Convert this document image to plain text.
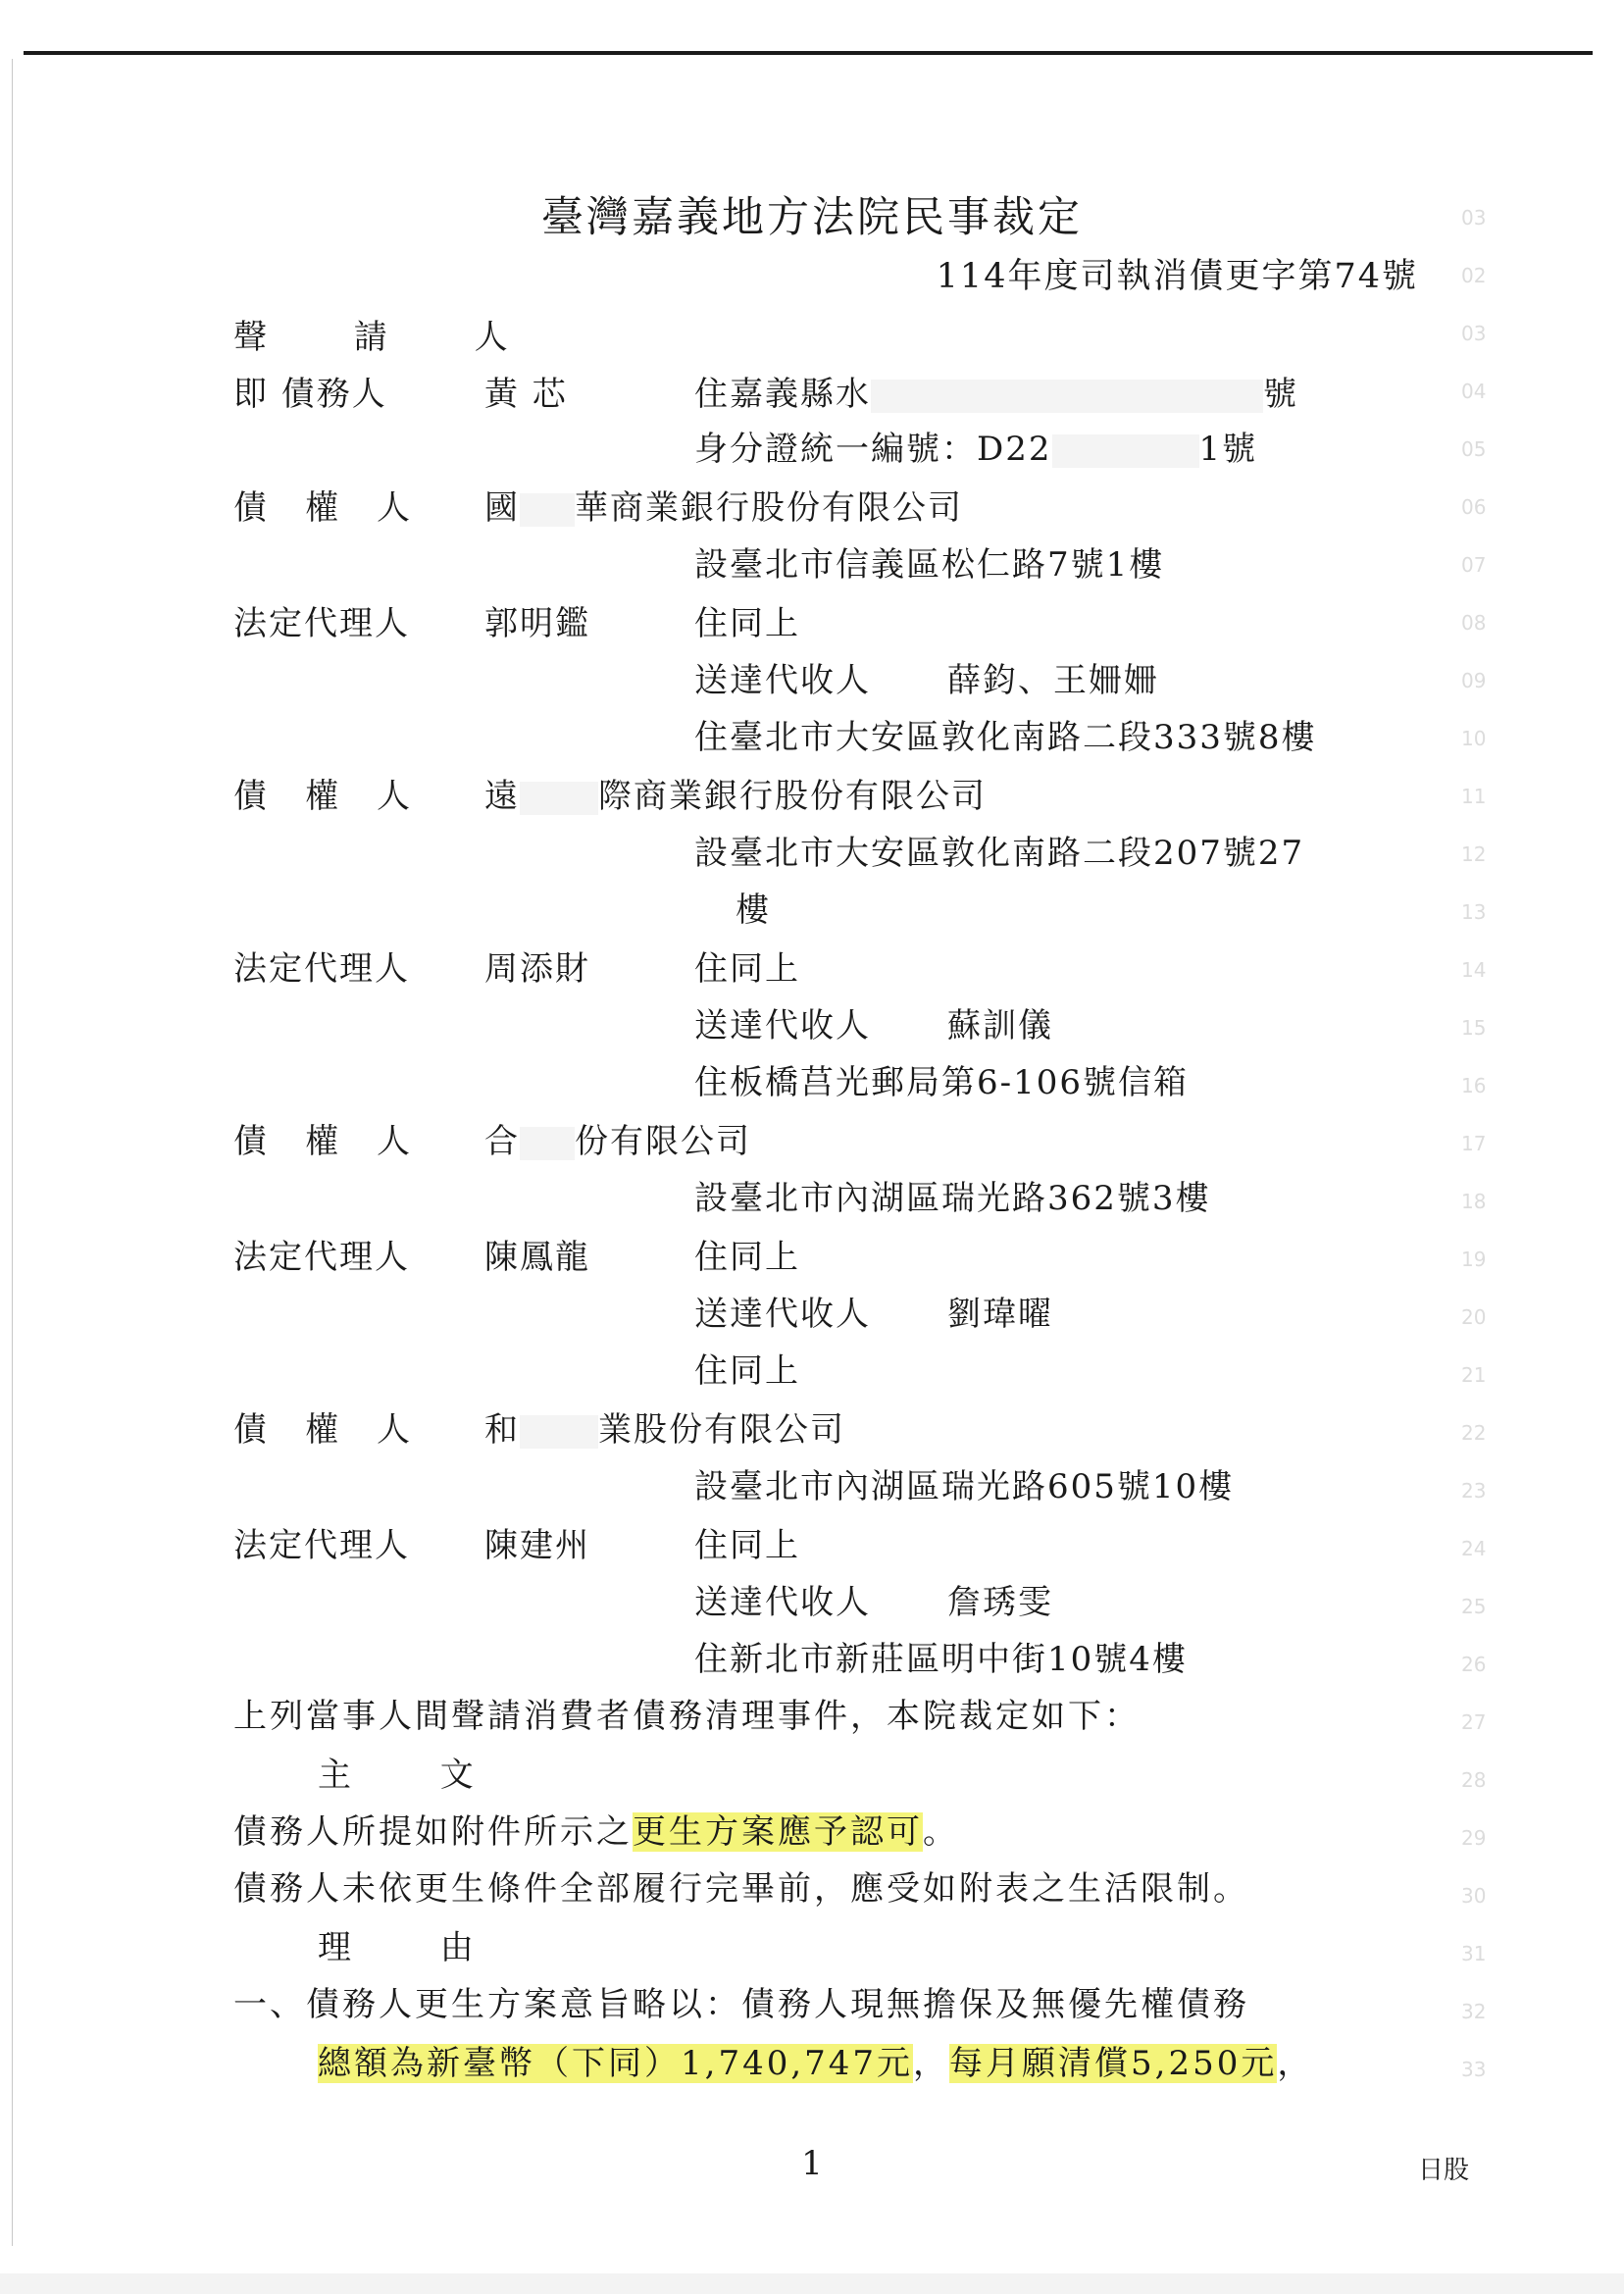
臺灣嘉義地方法院民事裁定
114年度司執消債更字第74號
聲 請 人
即 債務人	黃 芯	住嘉義縣水	號
身分證統一編號：D22	1號
債權人 國 華商業銀行股份有限公司
設臺北市信義區松仁路7號1樓
法定代理人 郭明鑑	住同上
送達代收人 薛鈞、王姍姍
住臺北市大安區敦化南路二段333號8樓
債權人 遠 際商業銀行股份有限公司
設臺北市大安區敦化南路二段207號27
樓
法定代理人 周添財	住同上
送達代收人 蘇訓儀
住板橋莒光郵局第6-106號信箱
債權人 合 份有限公司
設臺北市內湖區瑞光路362號3樓
法定代理人 陳鳳龍	住同上
送達代收人 劉瑋曜
住同上
債權人 和 業股份有限公司
設臺北市內湖區瑞光路605號10樓
法定代理人 陳建州	住同上
送達代收人 詹琇雯
住新北市新莊區明中街10號4樓
上列當事人間聲請消費者債務清理事件，本院裁定如下：
主 文
債務人所提如附件所示之更生方案應予認可。
債務人未依更生條件全部履行完畢前，應受如附表之生活限制。
理 由
一、債務人更生方案意旨略以：債務人現無擔保及無優先權債務
總額為新臺幣（下同）1,740,747元，每月願清償5,250元，
03
02
03
04
05
06
07
08
09
10
11
12
13
14
15
16
17
18
19
20
21
22
23
24
25
26
27
28
29
30
31
32
33
1	日股
